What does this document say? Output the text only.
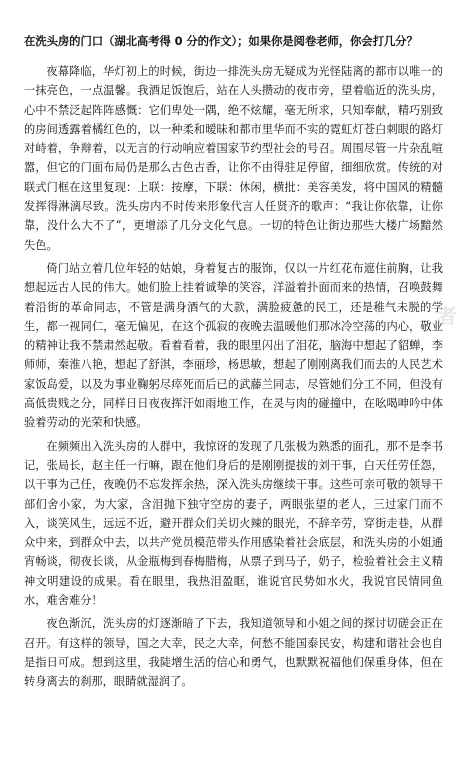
在洗头房的门口（湖北高考得 0 分的作文）；如果你是阅卷老师，你会打几分？

夜幕降临，华灯初上的时候，街边一排洗头房无疑成为光怪陆离的都市以唯一的一抹亮色，一点温馨。我酒足饭饱后，站在人头攒动的夜市旁，望着临近的洗头房，心中不禁泛起阵阵感慨：它们卑处一隅，绝不炫耀，毫无所求，只知奉献，精巧别致的房间透露着橘红色的，以一种柔和暧昧和都市里华而不实的霓虹灯苍白刺眼的路灯对峙着，争辩着，以无言的行动响应着国家节约型社会的号召。周围尽管一片杂乱喧嚣，但它的门面布局仍是那么古色古香，让你不由得驻足停留，细细欣赏。传统的对联式门框在这里复现：上联：按摩，下联：休闲，横批：美容美发，将中国风的精髓发挥得淋漓尽致。洗头房内不时传来形象代言人任贤齐的歌声：“我让你依靠，让你靠，没什么大不了”，更增添了几分文化气息。一切的特色让街边那些大楼广场黯然失色。

倚门站立着几位年轻的姑娘，身着复古的服饰，仅以一片红花布遮住前胸，让我想起远古人民的伟大。她们脸上挂着诚挚的笑容，洋溢着扑面而来的热情，召唤鼓舞着沿街的革命同志，不管是满身酒气的大款，满脸疲惫的民工，还是稚气未脱的学生，都一视同仁，毫无偏见，在这个孤寂的夜晚去温暖他们那冰冷空荡的内心，敬业的精神让我不禁肃然起敬。看着看着，我的眼里闪出了泪花，脑海中想起了貂蝉，李师师，秦淮八艳，想起了舒淇，李丽珍，杨思敏，想起了刚刚离我们而去的人民艺术家饭岛爱，以及为事业鞠躬尽瘁死而后已的武藤兰同志，尽管她们分工不同，但没有高低贵贱之分，同样日日夜夜挥汗如雨地工作，在灵与肉的碰撞中，在吆喝呻吟中体验着劳动的光荣和快感。

在频频出入洗头房的人群中，我惊讶的发现了几张极为熟悉的面孔，那不是李书记，张局长，赵主任一行嘛，跟在他们身后的是刚刚提拔的刘干事，白天任劳任怨，以干事为己任，夜晚仍不忘发挥余热，深入洗头房继续干事。这些可亲可敬的领导干部们舍小家，为大家，含泪抛下独守空房的妻子，两眼张望的老人，三过家门而不入，谈笑风生，远远不近，避开群众们关切火辣的眼光，不辞辛劳，穿街走巷，从群众中来，到群众中去，以共产党员模范带头作用感染着社会底层，和洗头房的小姐通宵畅谈，彻夜长谈，从金瓶梅到春梅腊梅，从票子到马子，奶子，检验着社会主义精神文明建设的成果。看在眼里，我热泪盈眶，谁说官民势如水火，我说官民情同鱼水，难舍难分！

夜色渐沉，洗头房的灯逐渐暗了下去，我知道领导和小姐之间的探讨切磋会正在召开。有这样的领导，国之大幸，民之大幸，何愁不能国泰民安，构建和谐社会也自是指日可成。想到这里，我陡增生活的信心和勇气，也默默祝福他们保重身体，但在转身离去的刹那，眼睛就湿润了。

者
